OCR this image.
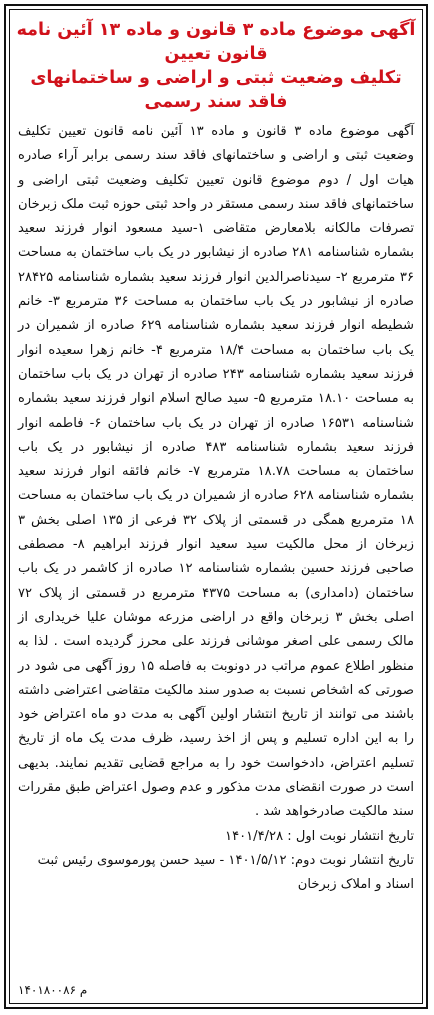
آگهی موضوع ماده ۳ قانون و ماده ۱۳ آئین نامه قانون تعیین
تکلیف وضعیت ثبتی و اراضی و ساختمانهای فاقد سند رسمی

آگهی موضوع ماده ۳ قانون و ماده ۱۳ آئین نامه قانون تعیین تکلیف وضعیت ثبتی و اراضی و ساختمانهای فاقد سند رسمی برابر آراء صادره هیات اول / دوم موضوع قانون تعیین تکلیف وضعیت ثبتی اراضی و ساختمانهای فاقد سند رسمی مستقر در واحد ثبتی حوزه ثبت ملک زبرخان تصرفات مالکانه بلامعارض متقاضی ۱-سید مسعود انوار فرزند سعید بشماره شناسنامه ۲۸۱ صادره از نیشابور در یک باب ساختمان به مساحت ۳۶ مترمربع ۲- سیدناصرالدین انوار فرزند سعید بشماره شناسنامه ۲۸۴۲۵ صادره از نیشابور در یک باب ساختمان به مساحت ۳۶ مترمربع ۳- خانم شطیطه انوار فرزند سعید بشماره شناسنامه ۶۲۹ صادره از شمیران در یک باب ساختمان به مساحت ۱۸/۴ مترمربع ۴- خانم زهرا سعیده انوار فرزند سعید بشماره شناسنامه ۲۴۳ صادره از تهران در یک باب ساختمان به مساحت ۱۸.۱۰ مترمربع ۵- سید صالح اسلام انوار فرزند سعید بشماره شناسنامه ۱۶۵۳۱ صادره از تهران در یک باب ساختمان ۶- فاطمه انوار فرزند سعید بشماره شناسنامه ۴۸۳ صادره از نیشابور در یک باب ساختمان به مساحت ۱۸.۷۸ مترمربع ۷- خانم فائقه انوار فرزند سعید بشماره شناسنامه ۶۲۸ صادره از شمیران در یک باب ساختمان به مساحت ۱۸ مترمربع همگی در قسمتی از پلاک ۳۲ فرعی از ۱۳۵ اصلی بخش ۳ زبرخان از محل مالکیت سید سعید انوار فرزند ابراهیم ۸- مصطفی صاحبی فرزند حسین بشماره شناسنامه ۱۲ صادره از کاشمر در یک باب ساختمان (دامداری) به مساحت ۴۳۷۵ مترمربع در قسمتی از پلاک ۷۲ اصلی بخش ۳ زبرخان واقع در اراضی مزرعه موشان علیا خریداری از مالک رسمی علی اصغر موشانی فرزند علی محرز گردیده است . لذا به منظور اطلاع عموم مراتب در دونوبت به فاصله ۱۵ روز آگهی می شود در صورتی که اشخاص نسبت به صدور سند مالکیت متقاضی اعتراضی داشته باشند می توانند از تاریخ انتشار اولین آگهی به مدت دو ماه اعتراض خود را به این اداره تسلیم و پس از اخذ رسید، ظرف مدت یک ماه از تاریخ تسلیم اعتراض، دادخواست خود را به مراجع قضایی تقدیم نمایند. بدیهی است در صورت انقضای مدت مذکور و عدم وصول اعتراض طبق مقررات سند مالکیت صادرخواهد شد .

تاریخ انتشار نوبت اول : ۱۴۰۱/۴/۲۸

تاریخ انتشار نوبت دوم: ۱۴۰۱/۵/۱۲ - سید حسن پورموسوی رئیس ثبت اسناد و املاک زبرخان

م ۱۴۰۱۸۰۰۸۶
